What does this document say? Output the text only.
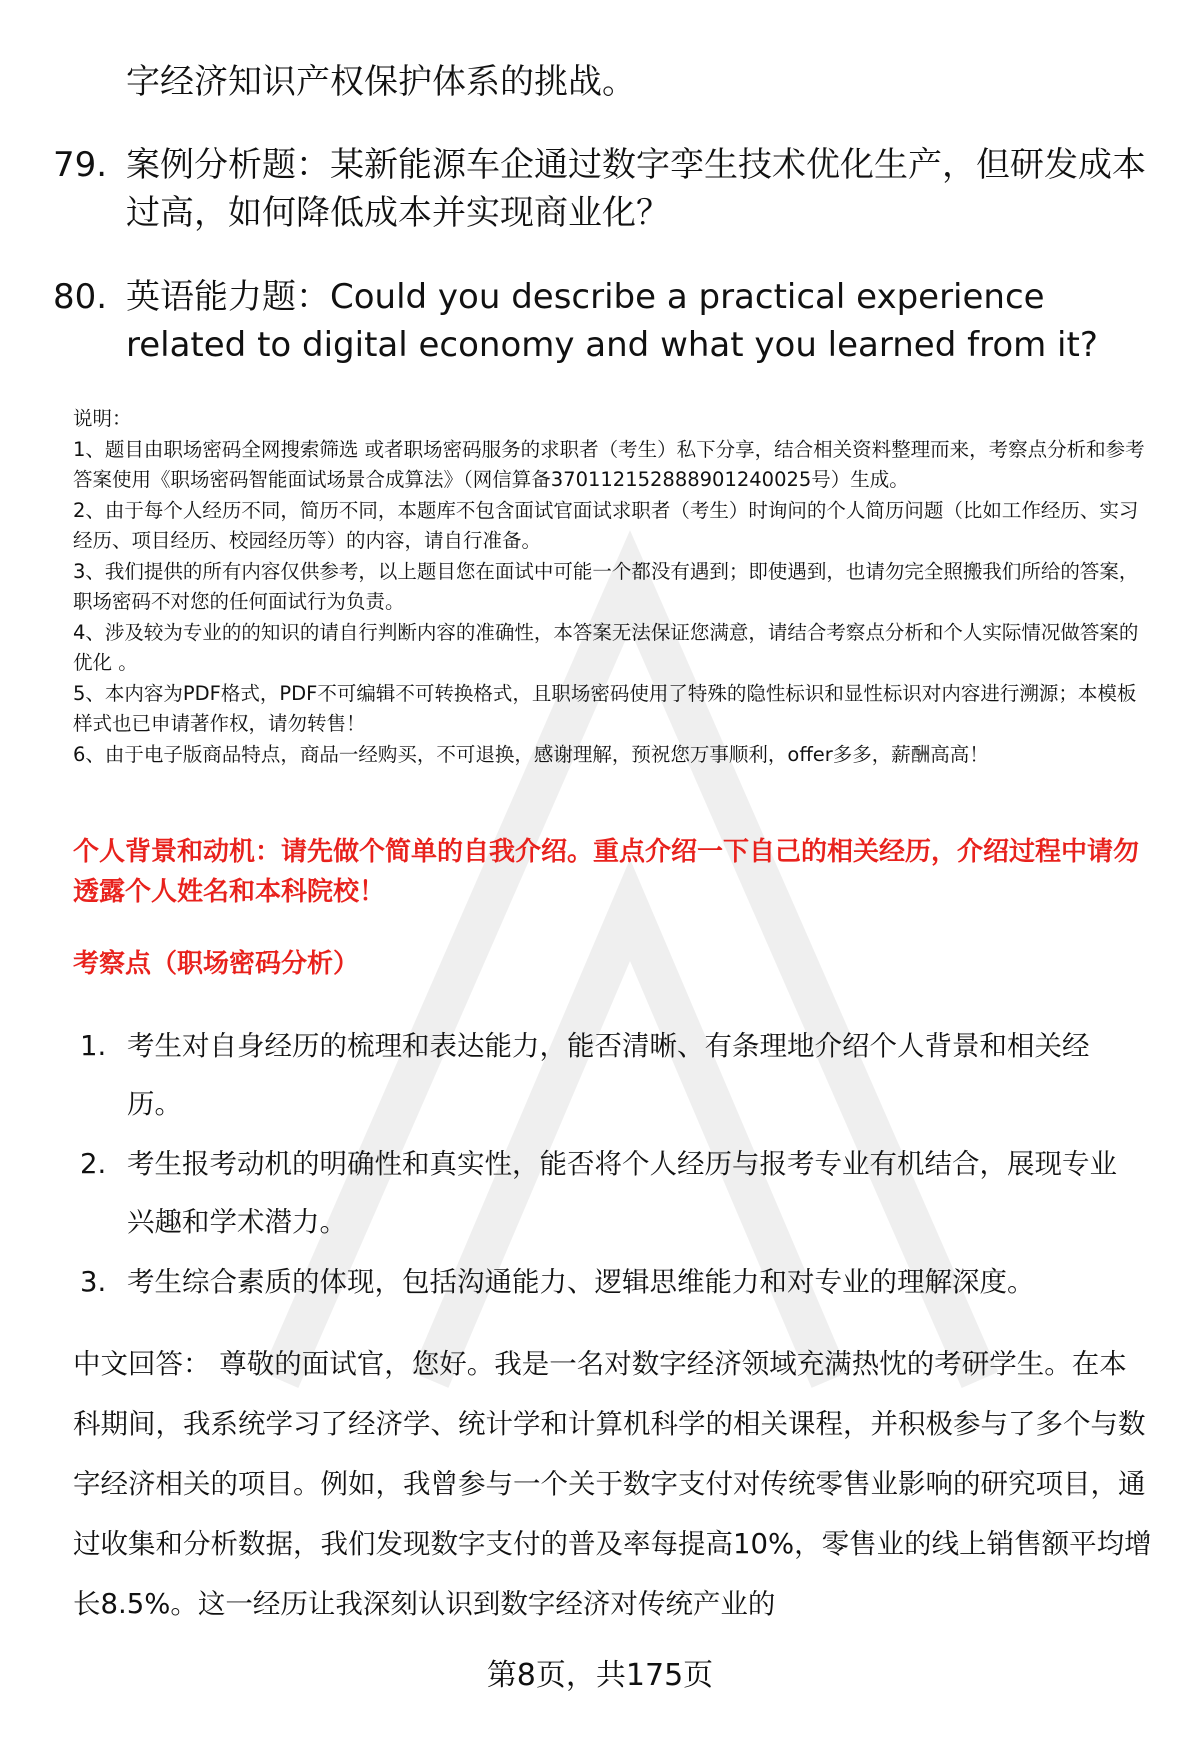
字经济知识产权保护体系的挑战。
79. 案例分析题：某新能源车企通过数字孪生技术优化生产，但研发成本过高，如何降低成本并实现商业化？
80. 英语能力题：Could you describe a practical experience related to digital economy and what you learned from it?
说明：
1、题目由职场密码全网搜索筛选 或者职场密码服务的求职者（考生）私下分享，结合相关资料整理而来，考察点分析和参考答案使用《职场密码智能面试场景合成算法》（网信算备370112152888901240025号）生成。
2、由于每个人经历不同，简历不同，本题库不包含面试官面试求职者（考生）时询问的个人简历问题（比如工作经历、实习经历、项目经历、校园经历等）的内容，请自行准备。
3、我们提供的所有内容仅供参考，以上题目您在面试中可能一个都没有遇到；即使遇到，也请勿完全照搬我们所给的答案，职场密码不对您的任何面试行为负责。
4、涉及较为专业的的知识的请自行判断内容的准确性，本答案无法保证您满意，请结合考察点分析和个人实际情况做答案的优化 。
5、本内容为PDF格式，PDF不可编辑不可转换格式，且职场密码使用了特殊的隐性标识和显性标识对内容进行溯源；本模板样式也已申请著作权，请勿转售！
6、由于电子版商品特点，商品一经购买，不可退换，感谢理解，预祝您万事顺利，offer多多，薪酬高高！
个人背景和动机：请先做个简单的自我介绍。重点介绍一下自己的相关经历，介绍过程中请勿透露个人姓名和本科院校！
考察点（职场密码分析）
1. 考生对自身经历的梳理和表达能力，能否清晰、有条理地介绍个人背景和相关经历。
2. 考生报考动机的明确性和真实性，能否将个人经历与报考专业有机结合，展现专业兴趣和学术潜力。
3. 考生综合素质的体现，包括沟通能力、逻辑思维能力和对专业的理解深度。
中文回答： 尊敬的面试官，您好。我是一名对数字经济领域充满热忱的考研学生。在本科期间，我系统学习了经济学、统计学和计算机科学的相关课程，并积极参与了多个与数字经济相关的项目。例如，我曾参与一个关于数字支付对传统零售业影响的研究项目，通过收集和分析数据，我们发现数字支付的普及率每提高10%，零售业的线上销售额平均增长8.5%。这一经历让我深刻认识到数字经济对传统产业的
第8页，共175页
